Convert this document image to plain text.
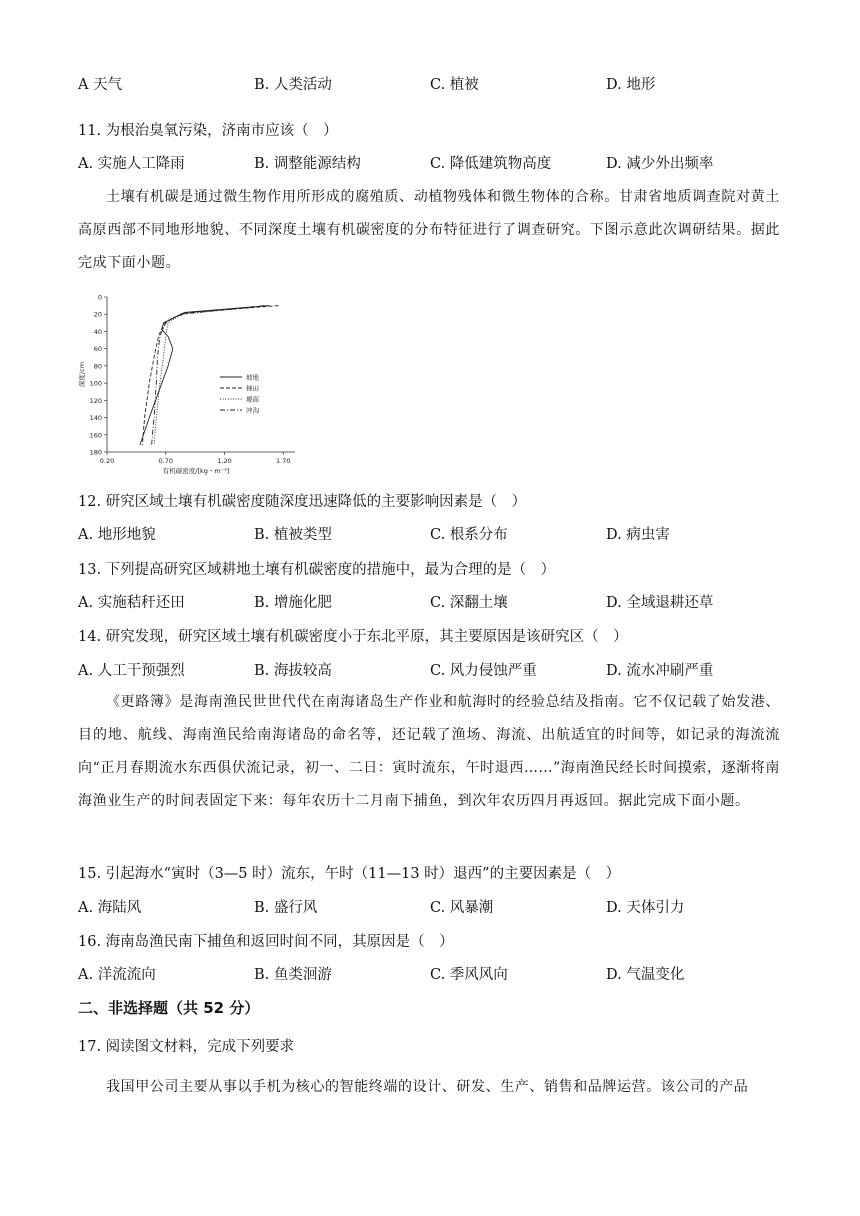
A 天气	B. 人类活动	C. 植被	D. 地形
11. 为根治臭氧污染，济南市应该（　）
A. 实施人工降雨	B. 调整能源结构	C. 降低建筑物高度	D. 减少外出频率

土壤有机碳是通过微生物作用所形成的腐殖质、动植物残体和微生物体的合称。甘肃省地质调查院对黄土高原西部不同地形地貌、不同深度土壤有机碳密度的分布特征进行了调查研究。下图示意此次调研结果。据此完成下面小题。

0
20
40
60
80
100
120
140
160
180
0.20	0.70	1.20	1.70
有机碳密度/[kg・m⁻³]
深度/cm	坡地
梯田
塬面
冲沟
12. 研究区域土壤有机碳密度随深度迅速降低的主要影响因素是（　）
A. 地形地貌	B. 植被类型	C. 根系分布	D. 病虫害
13. 下列提高研究区域耕地土壤有机碳密度的措施中，最为合理的是（　）
A. 实施秸秆还田	B. 增施化肥	C. 深翻土壤	D. 全域退耕还草
14. 研究发现，研究区域土壤有机碳密度小于东北平原，其主要原因是该研究区（　）
A. 人工干预强烈	B. 海拔较高	C. 风力侵蚀严重	D. 流水冲刷严重

《更路簿》是海南渔民世世代代在南海诸岛生产作业和航海时的经验总结及指南。它不仅记载了始发港、目的地、航线、海南渔民给南海诸岛的命名等，还记载了渔场、海流、出航适宜的时间等，如记录的海流流向“正月春期流水东西俱伏流记录，初一、二日：寅时流东，午时退西……”海南渔民经长时间摸索，逐渐将南海渔业生产的时间表固定下来：每年农历十二月南下捕鱼，到次年农历四月再返回。据此完成下面小题。

15. 引起海水“寅时（3—5 时）流东，午时（11—13 时）退西”的主要因素是（　）
A. 海陆风	B. 盛行风	C. 风暴潮	D. 天体引力
16. 海南岛渔民南下捕鱼和返回时间不同，其原因是（　）
A. 洋流流向	B. 鱼类洄游	C. 季风风向	D. 气温变化
二、非选择题（共 52 分）
17. 阅读图文材料，完成下列要求

我国甲公司主要从事以手机为核心的智能终端的设计、研发、生产、销售和品牌运营。该公司的产品
